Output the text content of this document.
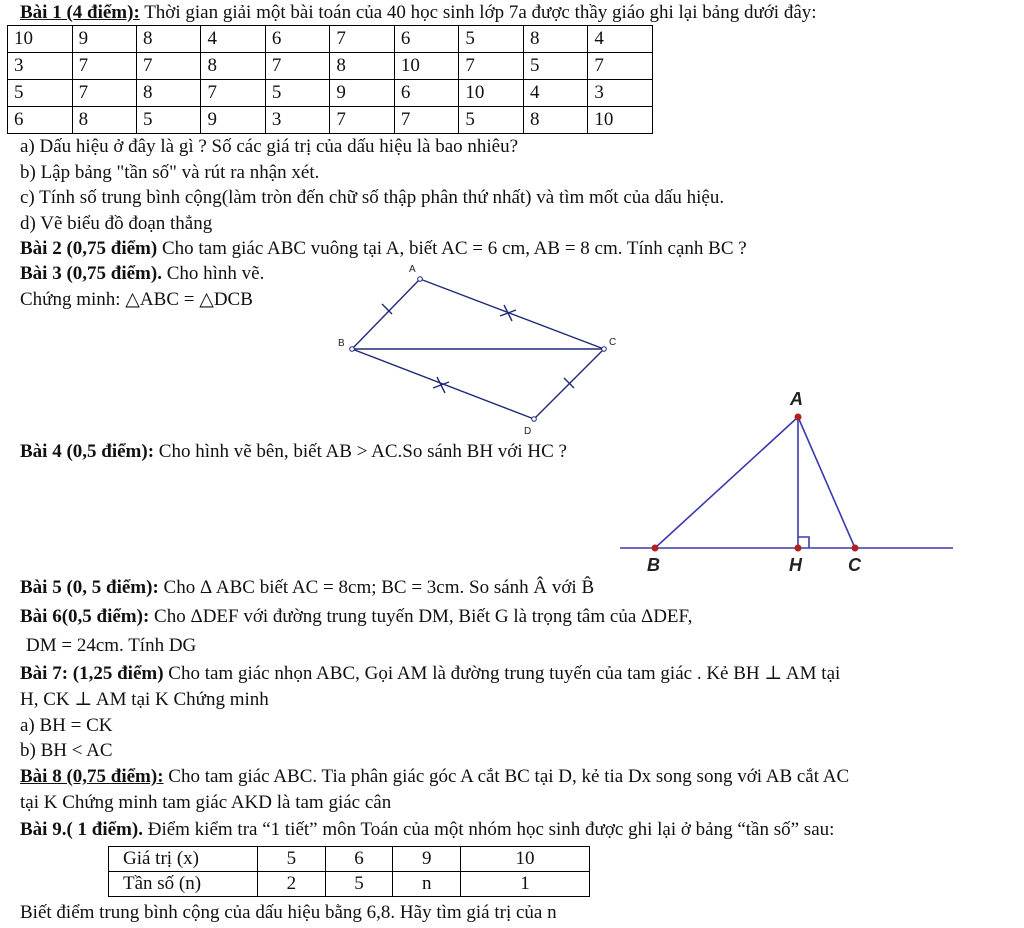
Bài 1 (4 điểm): Thời gian giải một bài toán của 40 học sinh lớp 7a được thầy giáo ghi lại bảng dưới đây:
10	9	8	4	6	7	6	5	8	4
3	7	7	8	7	8	10	7	5	7
5	7	8	7	5	9	6	10	4	3
6	8	5	9	3	7	7	5	8	10
a) Dấu hiệu ở đây là gì ? Số các giá trị của dấu hiệu là bao nhiêu?
b) Lập bảng "tần số" và rút ra nhận xét.
c) Tính số trung bình cộng(làm tròn đến chữ số thập phân thứ nhất) và tìm mốt của dấu hiệu.
d) Vẽ biểu đồ đoạn thẳng
Bài 2 (0,75 điểm) Cho tam giác ABC vuông tại A, biết AC = 6 cm, AB = 8 cm. Tính cạnh BC ?
Bài 3 (0,75 điểm). Cho hình vẽ.
Chứng minh: △ABC = △DCB
A
B	C
D
Bài 4 (0,5 điểm): Cho hình vẽ bên, biết AB > AC.So sánh BH với HC ?
A
B	H	C
Bài 5 (0, 5 điểm): Cho Δ ABC biết AC = 8cm; BC = 3cm. So sánh Â với B̂
Bài 6(0,5 điểm): Cho ΔDEF với đường trung tuyến DM, Biết G là trọng tâm của ΔDEF,
DM = 24cm. Tính DG
Bài 7: (1,25 điểm) Cho tam giác nhọn ABC, Gọi AM là đường trung tuyến của tam giác . Kẻ BH ⊥ AM tại
H, CK ⊥ AM tại K Chứng minh
a) BH = CK
b) BH < AC
Bài 8 (0,75 điểm): Cho tam giác ABC. Tia phân giác góc A cắt BC tại D, kẻ tia Dx song song với AB cắt AC
tại K Chứng minh tam giác AKD là tam giác cân
Bài 9.( 1 điểm). Điểm kiểm tra “1 tiết” môn Toán của một nhóm học sinh được ghi lại ở bảng “tần số” sau:
Giá trị (x)	5	6	9	10
Tần số (n)	2	5	n	1
Biết điểm trung bình cộng của dấu hiệu bằng 6,8. Hãy tìm giá trị của n
